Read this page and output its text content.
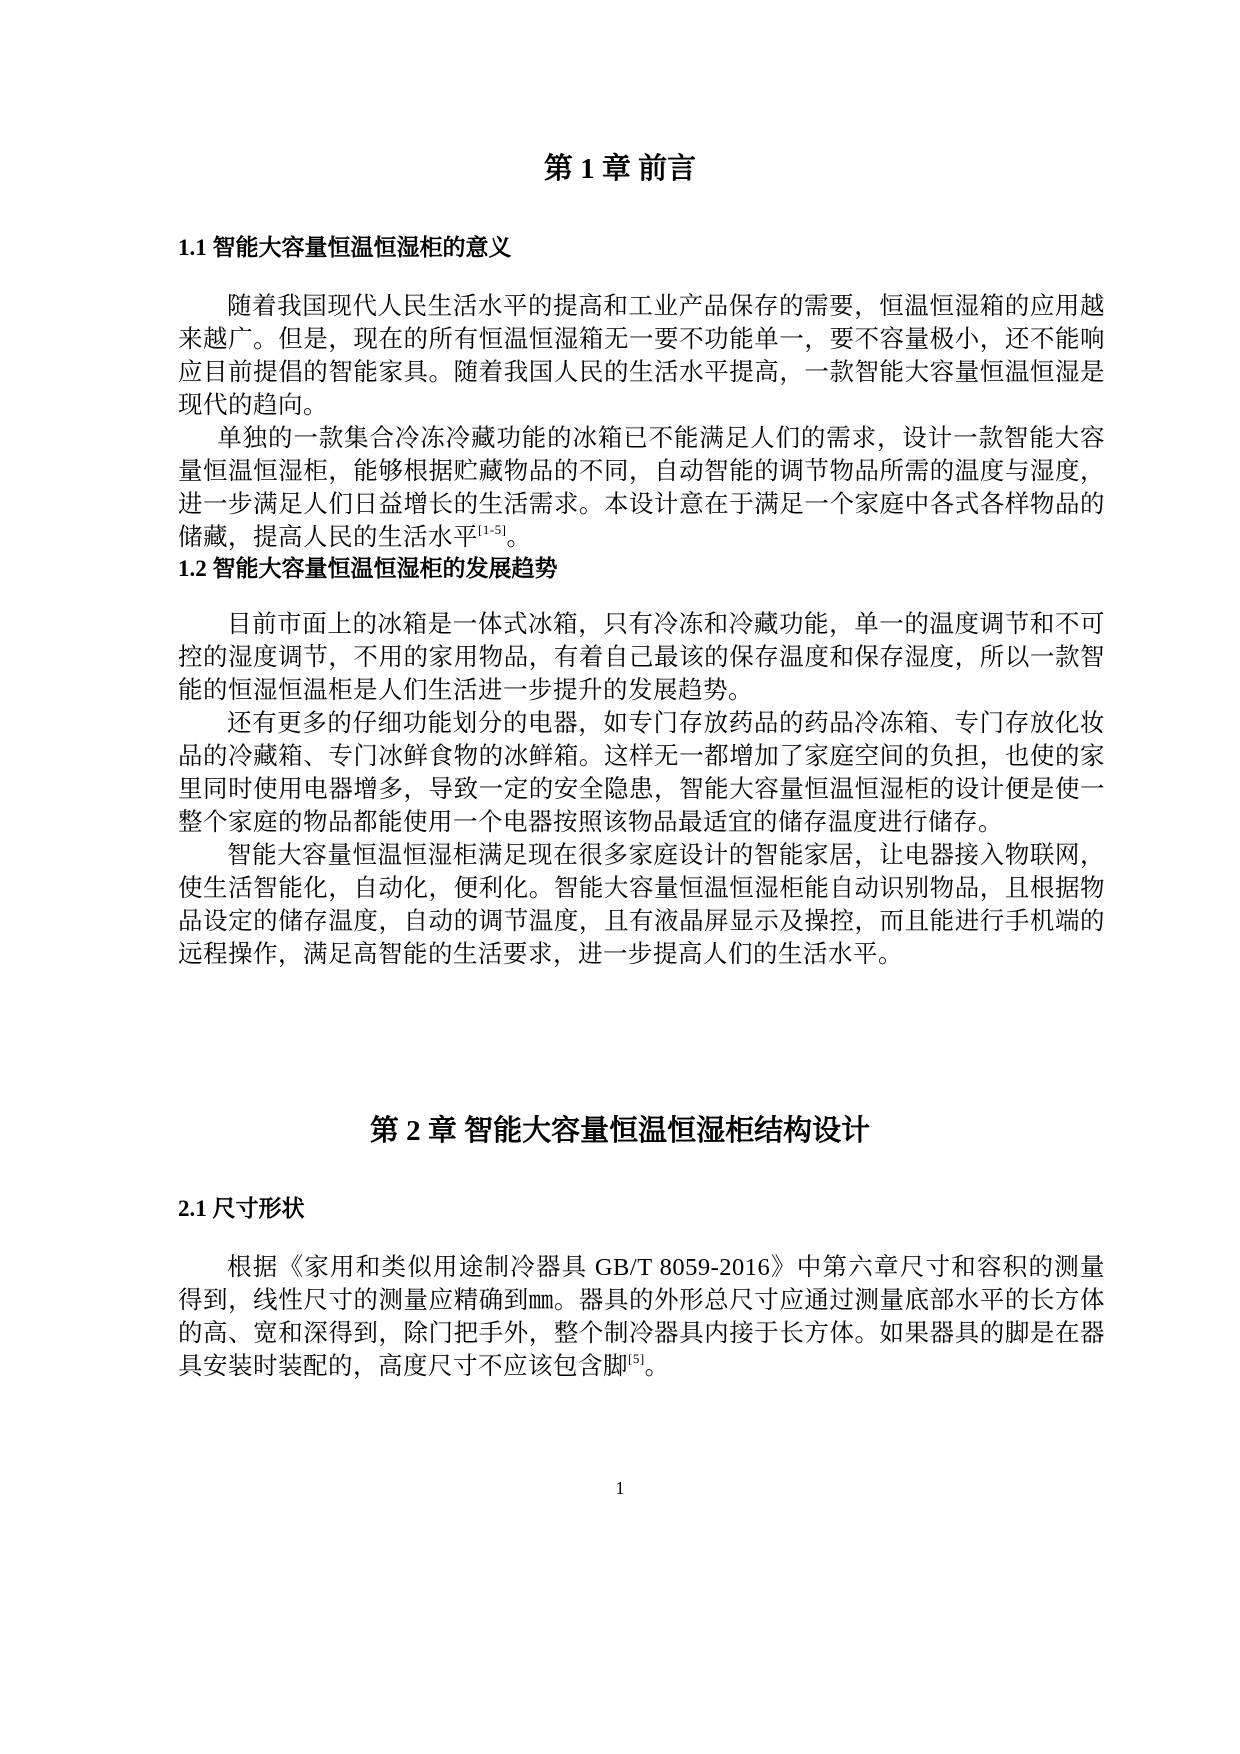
第 1 章 前言
1.1 智能大容量恒温恒湿柜的意义

随着我国现代人民生活水平的提高和工业产品保存的需要，恒温恒湿箱的应用越来越广。但是，现在的所有恒温恒湿箱无一要不功能单一，要不容量极小，还不能响应目前提倡的智能家具。随着我国人民的生活水平提高，一款智能大容量恒温恒湿是现代的趋向。

单独的一款集合冷冻冷藏功能的冰箱已不能满足人们的需求，设计一款智能大容量恒温恒湿柜，能够根据贮藏物品的不同，自动智能的调节物品所需的温度与湿度，进一步满足人们日益增长的生活需求。本设计意在于满足一个家庭中各式各样物品的储藏，提高人民的生活水平[1-5]。

1.2 智能大容量恒温恒湿柜的发展趋势

目前市面上的冰箱是一体式冰箱，只有冷冻和冷藏功能，单一的温度调节和不可控的湿度调节，不用的家用物品，有着自己最该的保存温度和保存湿度，所以一款智能的恒湿恒温柜是人们生活进一步提升的发展趋势。

还有更多的仔细功能划分的电器，如专门存放药品的药品冷冻箱、专门存放化妆品的冷藏箱、专门冰鲜食物的冰鲜箱。这样无一都增加了家庭空间的负担，也使的家里同时使用电器增多，导致一定的安全隐患，智能大容量恒温恒湿柜的设计便是使一整个家庭的物品都能使用一个电器按照该物品最适宜的储存温度进行储存。

智能大容量恒温恒湿柜满足现在很多家庭设计的智能家居，让电器接入物联网，使生活智能化，自动化，便利化。智能大容量恒温恒湿柜能自动识别物品，且根据物品设定的储存温度，自动的调节温度，且有液晶屏显示及操控，而且能进行手机端的远程操作，满足高智能的生活要求，进一步提高人们的生活水平。

第 2 章 智能大容量恒温恒湿柜结构设计
2.1 尺寸形状

根据《家用和类似用途制冷器具 GB/T 8059-2016》中第六章尺寸和容积的测量得到，线性尺寸的测量应精确到㎜。器具的外形总尺寸应通过测量底部水平的长方体的高、宽和深得到，除门把手外，整个制冷器具内接于长方体。如果器具的脚是在器具安装时装配的，高度尺寸不应该包含脚[5]。

1
